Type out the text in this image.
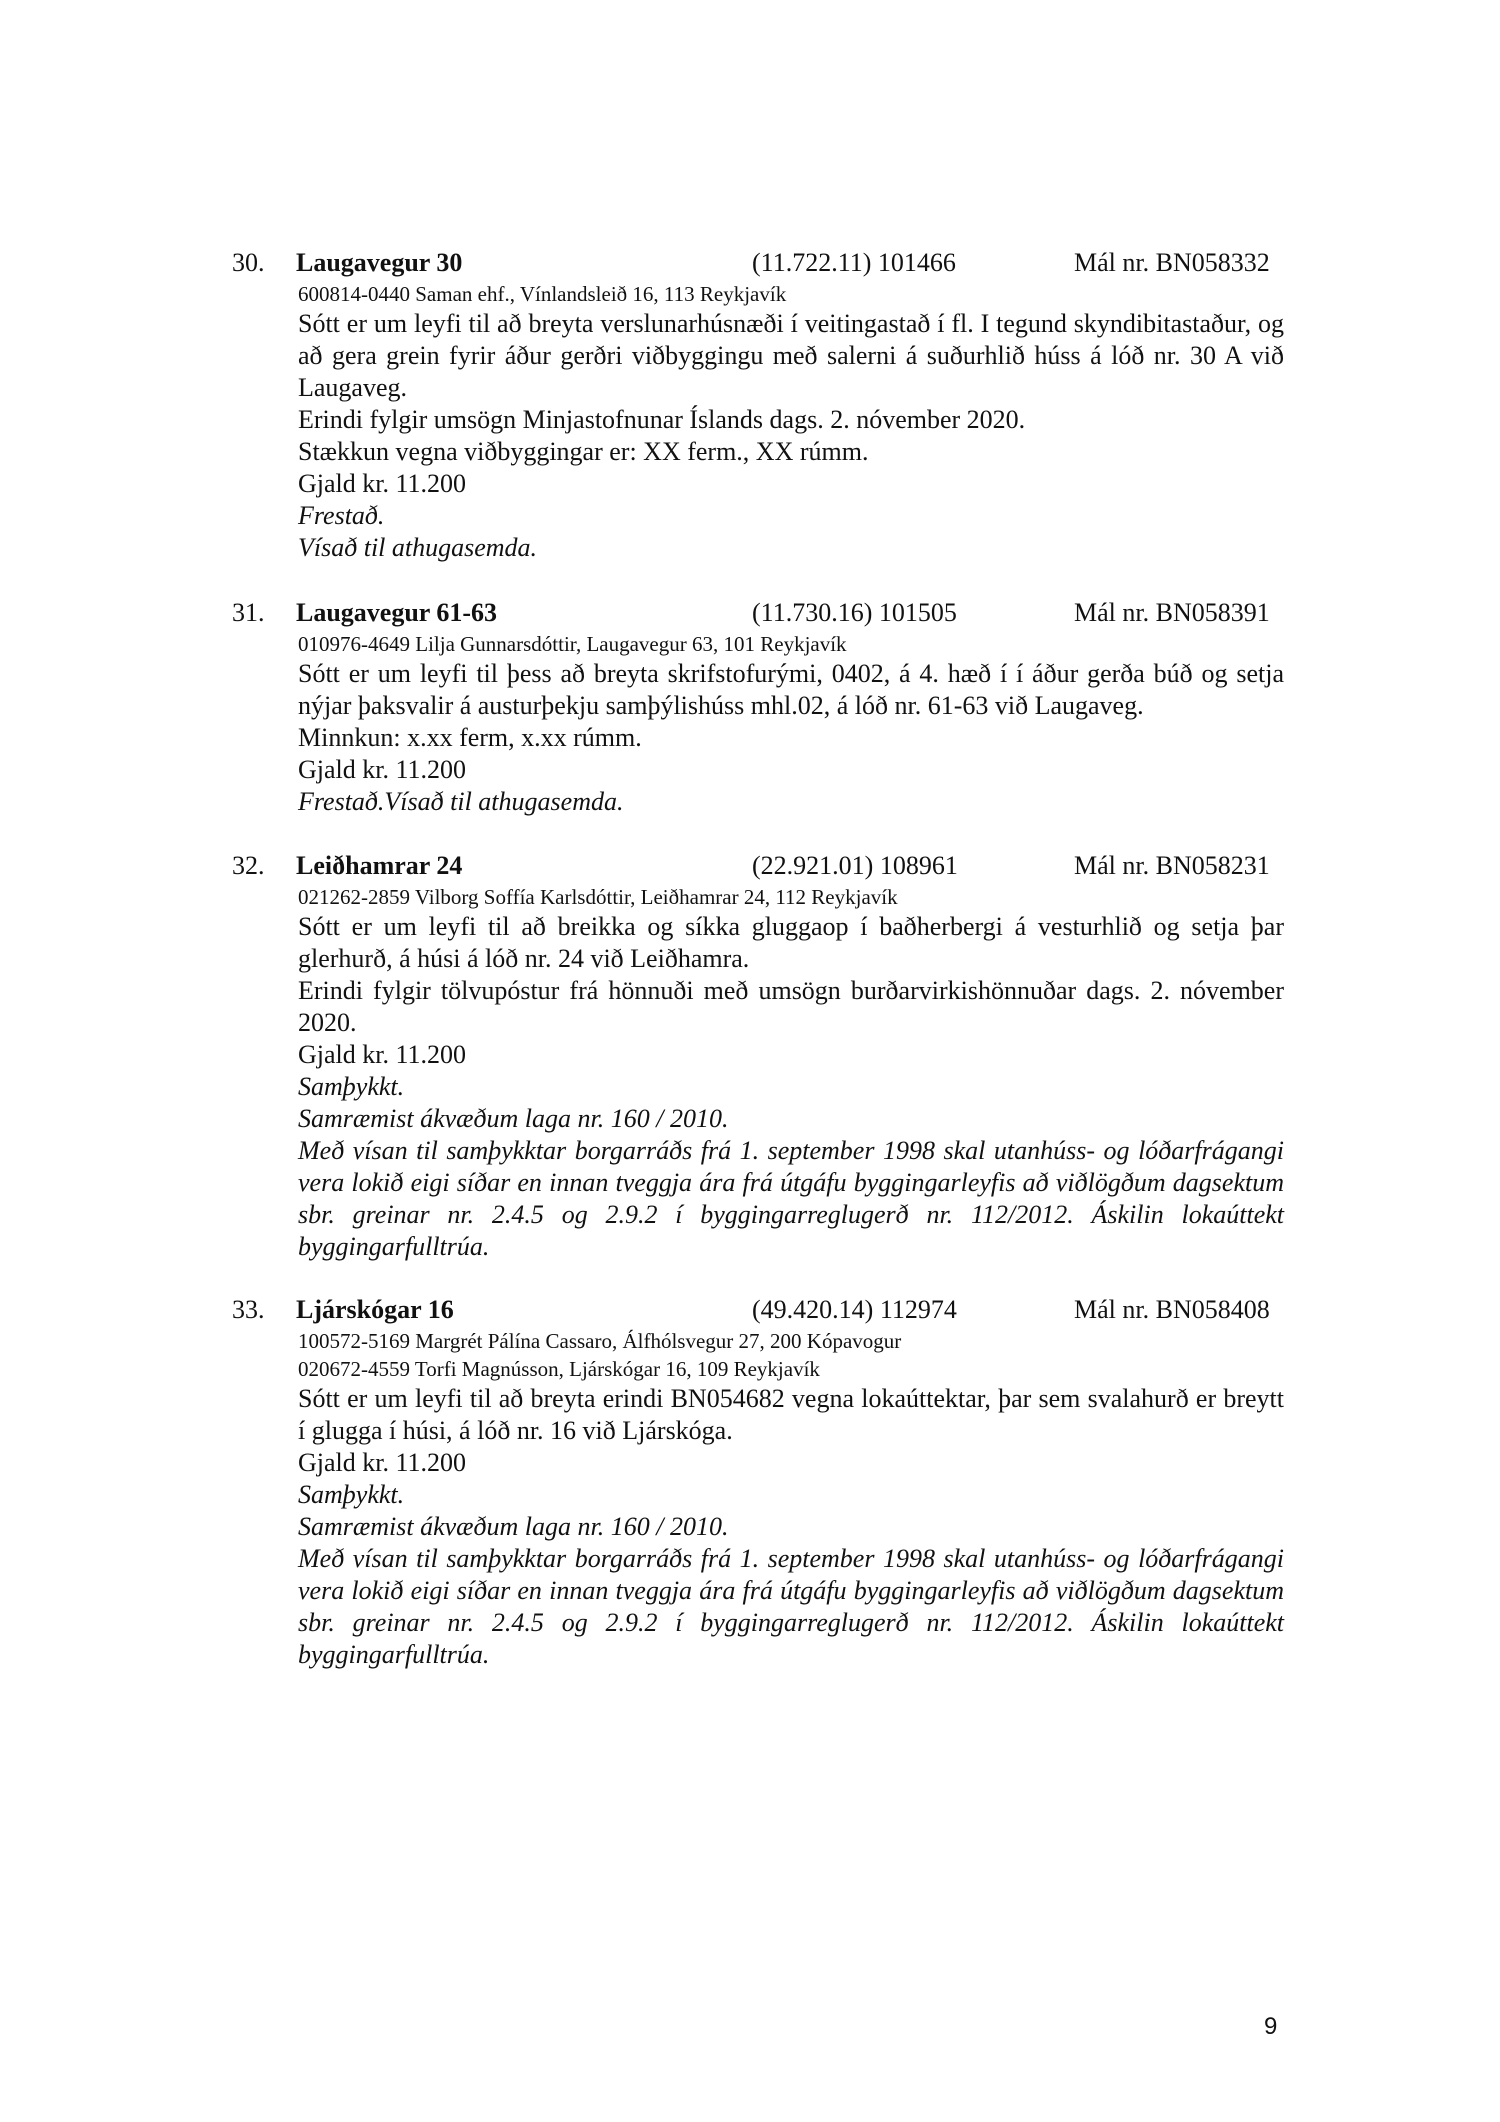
30. Laugavegur 30	(11.722.11) 101466	Mál nr. BN058332
600814-0440 Saman ehf., Vínlandsleið 16, 113 Reykjavík
Sótt er um leyfi til að breyta verslunarhúsnæði í veitingastað í fl. I tegund skyndibitastaður, og að gera grein fyrir áður gerðri viðbyggingu með salerni á suðurhlið húss á lóð nr. 30 A við Laugaveg.
Erindi fylgir umsögn Minjastofnunar Íslands dags. 2. nóvember 2020.
Stækkun vegna viðbyggingar er: XX ferm., XX rúmm.
Gjald kr. 11.200
Frestað.
Vísað til athugasemda.
31. Laugavegur 61-63	(11.730.16) 101505	Mál nr. BN058391
010976-4649 Lilja Gunnarsdóttir, Laugavegur 63, 101 Reykjavík
Sótt er um leyfi til þess að breyta skrifstofurými, 0402, á 4. hæð í í áður gerða búð og setja nýjar þaksvalir á austurþekju samþýlishúss mhl.02, á lóð nr. 61-63 við Laugaveg.
Minnkun: x.xx ferm, x.xx rúmm.
Gjald kr. 11.200
Frestað.Vísað til athugasemda.
32. Leiðhamrar 24	(22.921.01) 108961	Mál nr. BN058231
021262-2859 Vilborg Soffía Karlsdóttir, Leiðhamrar 24, 112 Reykjavík
Sótt er um leyfi til að breikka og síkka gluggaop í baðherbergi á vesturhlið og setja þar glerhurð, á húsi á lóð nr. 24 við Leiðhamra.
Erindi fylgir tölvupóstur frá hönnuði með umsögn burðarvirkishönnuðar dags. 2. nóvember 2020.
Gjald kr. 11.200
Samþykkt.
Samræmist ákvæðum laga nr. 160 / 2010.
Með vísan til samþykktar borgarráðs frá 1. september 1998 skal utanhúss- og lóðarfrágangi vera lokið eigi síðar en innan tveggja ára frá útgáfu byggingarleyfis að viðlögðum dagsektum sbr. greinar nr. 2.4.5 og 2.9.2 í byggingarreglugerð nr. 112/2012. Áskilin lokaúttekt byggingarfulltrúa.
33. Ljárskógar 16	(49.420.14) 112974	Mál nr. BN058408
100572-5169 Margrét Pálína Cassaro, Álfhólsvegur 27, 200 Kópavogur
020672-4559 Torfi Magnússon, Ljárskógar 16, 109 Reykjavík
Sótt er um leyfi til að breyta erindi BN054682 vegna lokaúttektar, þar sem svalahurð er breytt í glugga í húsi, á lóð nr. 16 við Ljárskóga.
Gjald kr. 11.200
Samþykkt.
Samræmist ákvæðum laga nr. 160 / 2010.
Með vísan til samþykktar borgarráðs frá 1. september 1998 skal utanhúss- og lóðarfrágangi vera lokið eigi síðar en innan tveggja ára frá útgáfu byggingarleyfis að viðlögðum dagsektum sbr. greinar nr. 2.4.5 og 2.9.2 í byggingarreglugerð nr. 112/2012. Áskilin lokaúttekt byggingarfulltrúa.
9
